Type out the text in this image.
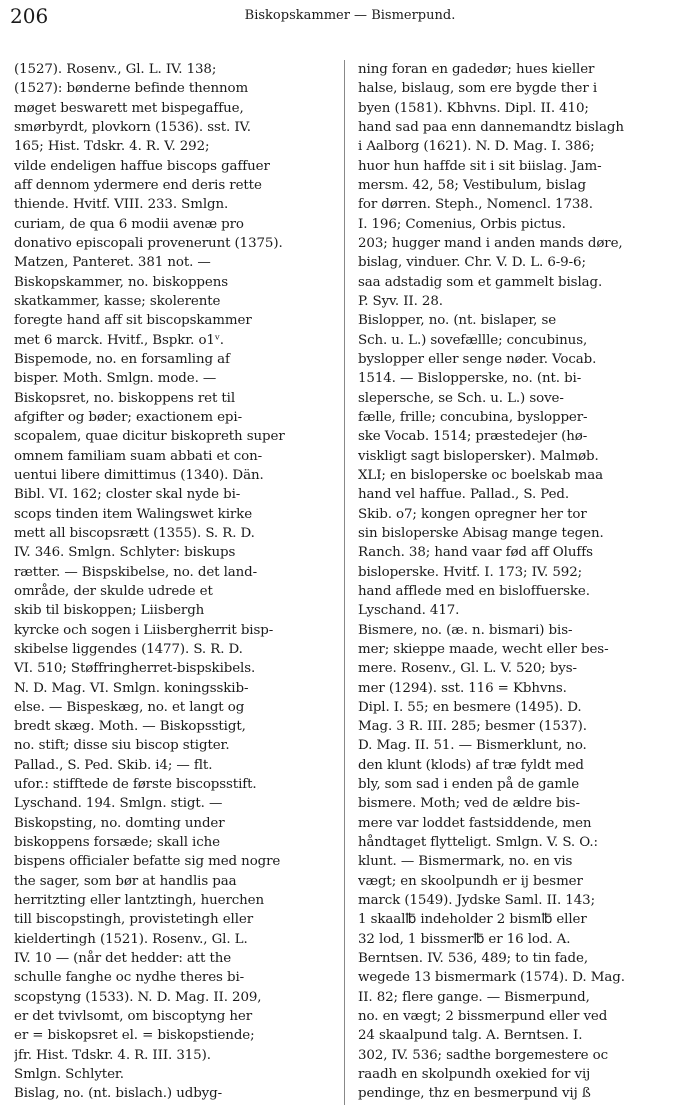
206	Biskopskammer — Bismerpund.
(1527). Rosenv., Gl. L. IV. 138;
(1527): bønderne befinde thennom
møget beswarett met bispegaffue,
smørbyrdt, plovkorn (1536). sst. IV.
165; Hist. Tdskr. 4. R. V. 292;
vilde endeligen haffue biscops gaffuer
aff dennom ydermere end deris rette
thiende. Hvitf. VIII. 233. Smlgn.
curiam, de qua 6 modii avenæ pro
donativo episcopali provenerunt (1375).
Matzen, Panteret. 381 not. —
Biskopskammer, no. biskoppens
skatkammer, kasse; skolerente
foregte hand aff sit biscopskammer
met 6 marck. Hvitf., Bspkr. o1ᵛ.
Bispemode, no. en forsamling af
bisper. Moth. Smlgn. mode. —
Biskopsret, no. biskoppens ret til
afgifter og bøder; exactionem epi-
scopalem, quae dicitur biskopreth super
omnem familiam suam abbati et con-
uentui libere dimittimus (1340). Dän.
Bibl. VI. 162; closter skal nyde bi-
scops tinden item Walingswet kirke
mett all biscopsrætt (1355). S. R. D.
IV. 346. Smlgn. Schlyter: biskups
rætter. — Bispskibelse, no. det land-
område, der skulde udrede et
skib til biskoppen; Liisbergh
kyrcke och sogen i Liisbergherrit bisp-
skibelse liggendes (1477). S. R. D.
VI. 510; Støffringherret-bispskibels.
N. D. Mag. VI. Smlgn. koningsskib-
else. — Bispeskæg, no. et langt og
bredt skæg. Moth. — Biskopsstigt,
no. stift; disse siu biscop stigter.
Pallad., S. Ped. Skib. i4; — flt.
ufor.: stifftede de første biscopsstift.
Lyschand. 194. Smlgn. stigt. —
Biskopsting, no. domting under
biskoppens forsæde; skall iche
bispens officialer befatte sig med nogre
the sager, som bør at handlis paa
herritzting eller lantztingh, huerchen
till biscopstingh, provistetingh eller
kieldertingh (1521). Rosenv., Gl. L.
IV. 10 — (når det hedder: att the
schulle fanghe oc nydhe theres bi-
scopstyng (1533). N. D. Mag. II. 209,
er det tvivlsomt, om biscoptyng her
er = biskopsret el. = biskopstiende;
jfr. Hist. Tdskr. 4. R. III. 315).
Smlgn. Schlyter.
Bislag, no. (nt. bislach.) udbyg-
ning foran en gadedør; hues kieller
halse, bislaug, som ere bygde ther i
byen (1581). Kbhvns. Dipl. II. 410;
hand sad paa enn dannemandtz bislagh
i Aalborg (1621). N. D. Mag. I. 386;
huor hun haffde sit i sit biislag. Jam-
mersm. 42, 58; Vestibulum, bislag
for dørren. Steph., Nomencl. 1738.
I. 196; Comenius, Orbis pictus.
203; hugger mand i anden mands døre,
bislag, vinduer. Chr. V. D. L. 6-9-6;
saa adstadig som et gammelt bislag.
P. Syv. II. 28.
Bislopper, no. (nt. bislaper, se
Sch. u. L.) sovefællle; concubinus,
byslopper eller senge nøder. Vocab.
1514. — Bislopperske, no. (nt. bi-
slepersche, se Sch. u. L.) sove-
fælle, frille; concubina, byslopper-
ske Vocab. 1514; præstedejer (hø-
viskligt sagt bislopersker). Malmøb.
XLI; en bisloperske oc boelskab maa
hand vel haffue. Pallad., S. Ped.
Skib. o7; kongen opregner her tor
sin bisloperske Abisag mange tegen.
Ranch. 38; hand vaar fød aff Oluffs
bisloperske. Hvitf. I. 173; IV. 592;
hand afflede med en bisloffuerske.
Lyschand. 417.
Bismere, no. (æ. n. bismari) bis-
mer; skieppe maade, wecht eller bes-
mere. Rosenv., Gl. L. V. 520; bys-
mer (1294). sst. 116 = Kbhvns.
Dipl. I. 55; en besmere (1495). D.
Mag. 3 R. III. 285; besmer (1537).
D. Mag. II. 51. — Bismerklunt, no.
den klunt (klods) af træ fyldt med
bly, som sad i enden på de gamle
bismere. Moth; ved de ældre bis-
mere var loddet fastsiddende, men
håndtaget flytteligt. Smlgn. V. S. O.:
klunt. — Bismermark, no. en vis
vægt; en skoolpundh er ij besmer
marck (1549). Jydske Saml. II. 143;
1 skaal℔ indeholder 2 bism℔ eller
32 lod, 1 bissmer℔ er 16 lod. A.
Berntsen. IV. 536, 489; to tin fade,
wegede 13 bismermark (1574). D. Mag.
II. 82; flere gange. — Bismerpund,
no. en vægt; 2 bissmerpund eller ved
24 skaalpund talg. A. Berntsen. I.
302, IV. 536; sadthe borgemestere oc
raadh en skolpundh oxekied for vij
pendinge, thz en besmerpund vij ß
